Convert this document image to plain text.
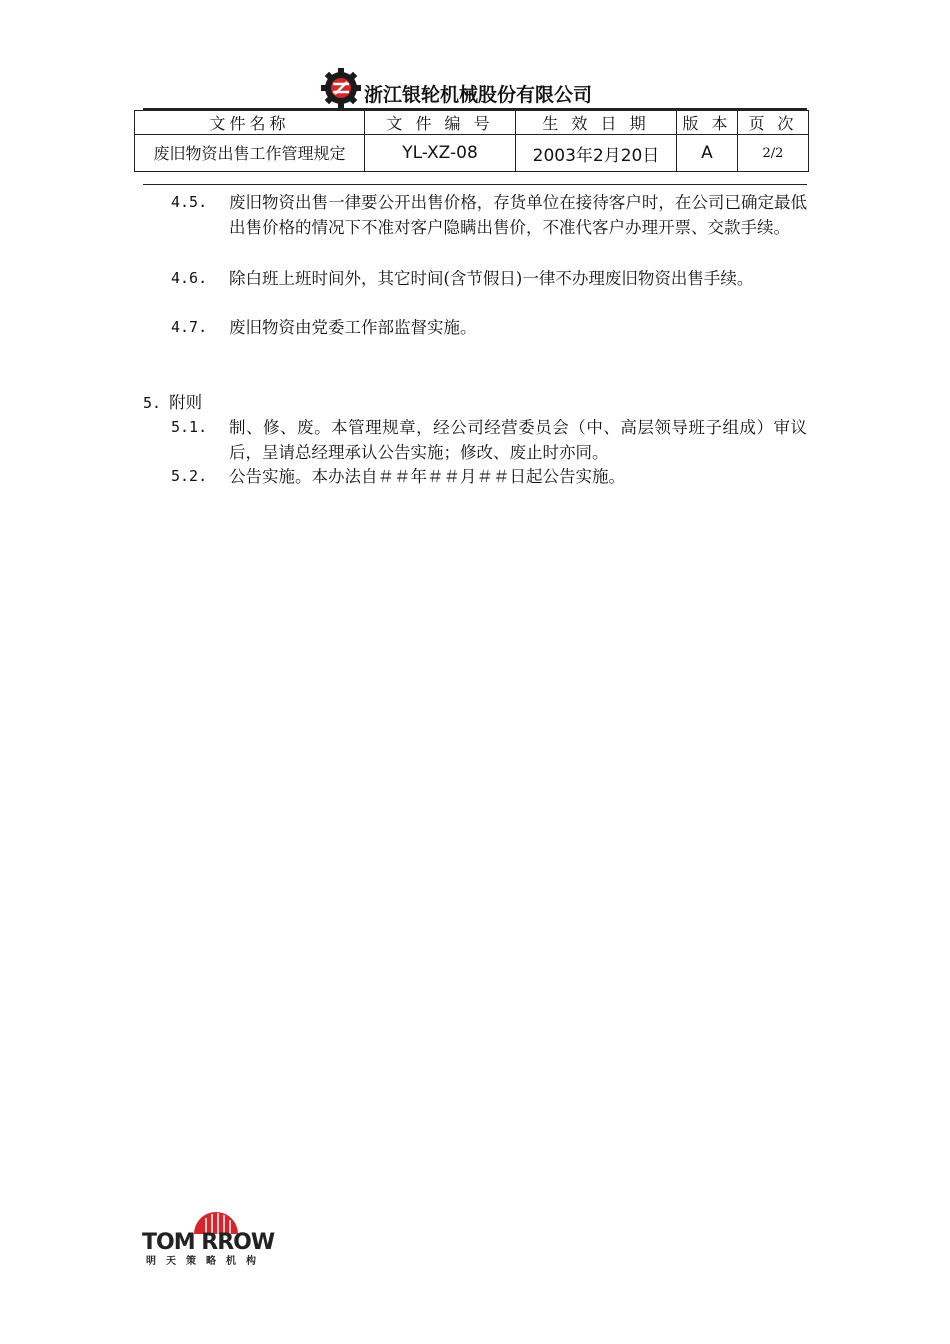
浙江银轮机械股份有限公司
文件名称	文 件 编 号	生 效 日 期	版 本	页 次
废旧物资出售工作管理规定	YL-XZ-08	2003年2月20日	A	2/2
4.5. 废旧物资出售一律要公开出售价格，存货单位在接待客户时，在公司已确定最低出售价格的情况下不准对客户隐瞒出售价，不准代客户办理开票、交款手续。
4.6. 除白班上班时间外，其它时间(含节假日)一律不办理废旧物资出售手续。
4.7. 废旧物资由党委工作部监督实施。
5. 附则
5.1. 制、修、废。本管理规章，经公司经营委员会（中、高层领导班子组成）审议后，呈请总经理承认公告实施；修改、废止时亦同。
5.2. 公告实施。本办法自＃＃年＃＃月＃＃日起公告实施。
TOM RROW
明天策略机构
